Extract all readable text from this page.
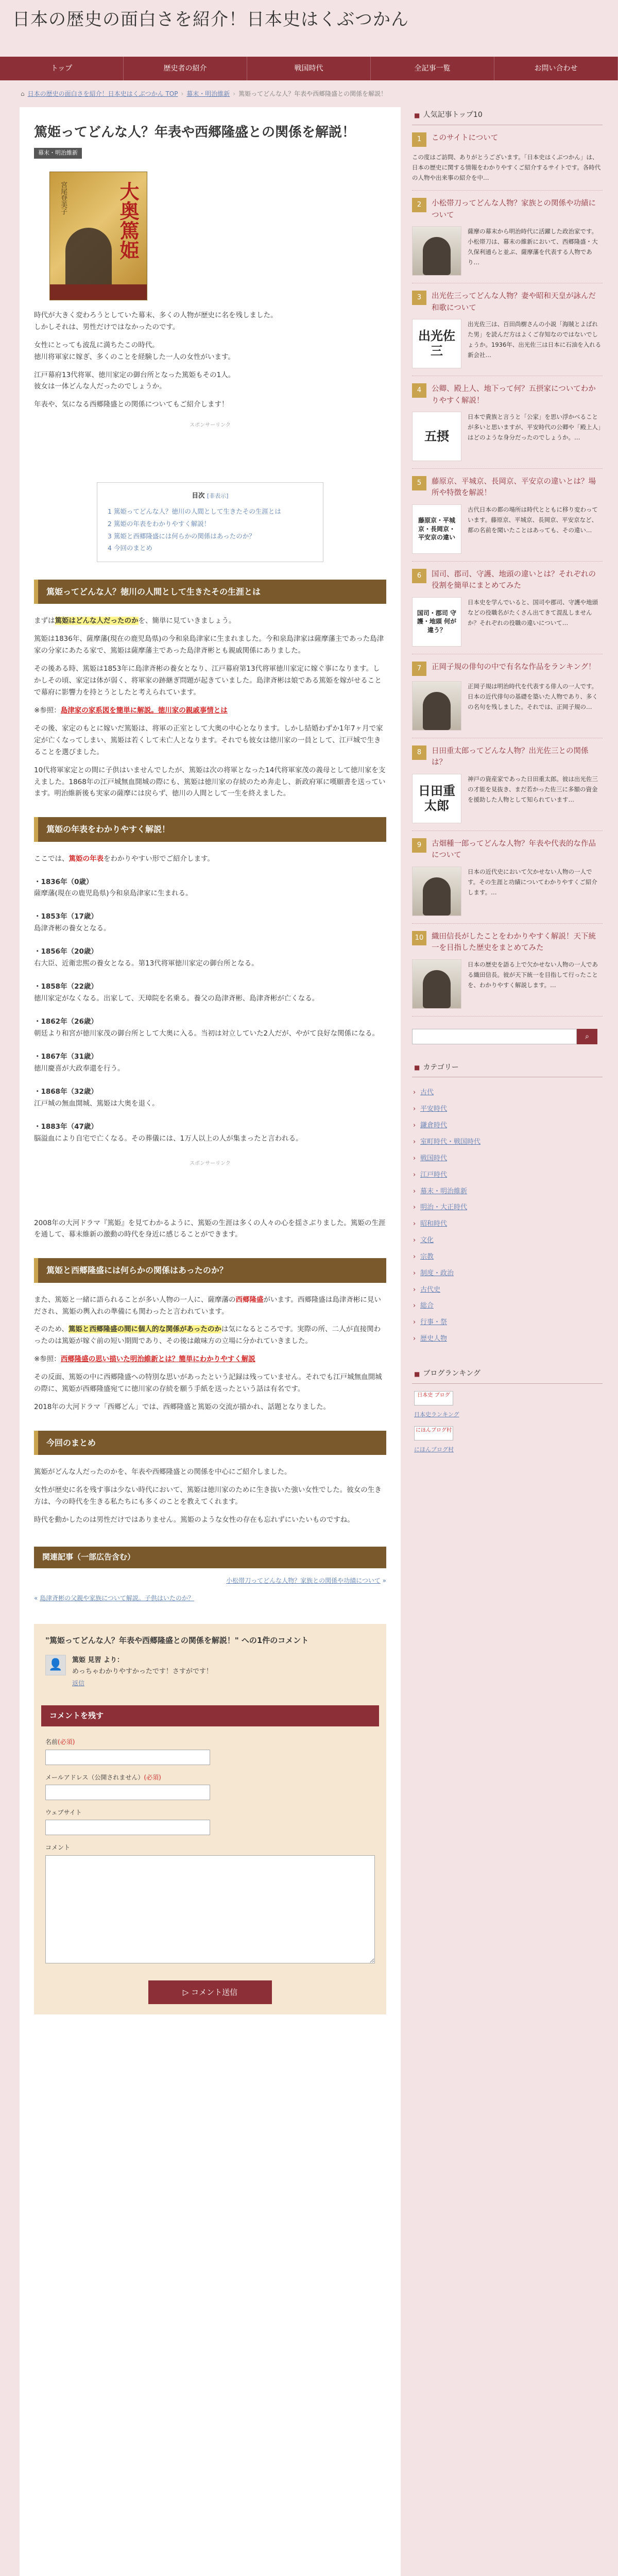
日本の歴史の面白さを紹介！日本史はくぶつかん
トップ	歴史者の紹介	戦国時代	全記事一覧	お問い合わせ
⌂ 日本の歴史の面白さを紹介！日本史はくぶつかん TOP › 幕末・明治維新 › 篤姫ってどんな人？年表や西郷隆盛との関係を解説！
篤姫ってどんな人？年表や西郷隆盛との関係を解説！
幕末・明治維新
大奥篤姫
宮尾登美子

時代が大きく変わろうとしていた幕末、多くの人物が歴史に名を残しました。
しかしそれは、男性だけではなかったのです。

女性にとっても波乱に満ちたこの時代。
徳川将軍家に嫁ぎ、多くのことを経験した一人の女性がいます。

江戸幕府13代将軍、徳川家定の御台所となった篤姫もその1人。
彼女は一体どんな人だったのでしょうか。

年表や、気になる西郷隆盛との関係についてもご紹介します！

スポンサーリンク
目次 [非表示]
1 篤姫ってどんな人？徳川の人間として生きたその生涯とは
2 篤姫の年表をわかりやすく解説！
3 篤姫と西郷隆盛には何らかの関係はあったのか？
4 今回のまとめ
篤姫ってどんな人？徳川の人間として生きたその生涯とは

まずは篤姫はどんな人だったのかを、簡単に見ていきましょう。

篤姫は1836年、薩摩藩(現在の鹿児島県)の今和泉島津家に生まれました。今和泉島津家は薩摩藩主であった島津家の分家にあたる家で、篤姫は薩摩藩主であった島津斉彬とも親戚関係にありました。

その後ある時、篤姫は1853年に島津斉彬の養女となり、江戸幕府第13代将軍徳川家定に嫁ぐ事になります。しかしその頃、家定は体が弱く、将軍家の跡継ぎ問題が起きていました。島津斉彬は娘である篤姫を嫁がせることで幕府に影響力を持とうとしたと考えられています。

※参照：島津家の家系図を簡単に解説。徳川家の親戚事情とは

その後、家定のもとに嫁いだ篤姫は、将軍の正室として大奥の中心となります。しかし結婚わずか1年7ヶ月で家定が亡くなってしまい、篤姫は若くして未亡人となります。それでも彼女は徳川家の一員として、江戸城で生きることを選びました。

10代将軍家定との間に子供はいませんでしたが、篤姫は次の将軍となった14代将軍家茂の義母として徳川家を支えました。1868年の江戸城無血開城の際にも、篤姫は徳川家の存続のため奔走し、新政府軍に嘆願書を送っています。明治維新後も実家の薩摩には戻らず、徳川の人間として一生を終えました。

篤姫の年表をわかりやすく解説！

ここでは、篤姫の年表をわかりやすい形でご紹介します。

・1836年（0歳）
薩摩藩(現在の鹿児島県)今和泉島津家に生まれる。
・1853年（17歳）
島津斉彬の養女となる。
・1856年（20歳）
右大臣、近衛忠煕の養女となる。第13代将軍徳川家定の御台所となる。
・1858年（22歳）
徳川家定がなくなる。出家して、天璋院を名乗る。養父の島津斉彬、島津斉彬が亡くなる。
・1862年（26歳）
朝廷より和宮が徳川家茂の御台所として大奥に入る。当初は対立していた2人だが、やがて良好な関係になる。
・1867年（31歳）
徳川慶喜が大政奉還を行う。
・1868年（32歳）
江戸城の無血開城、篤姫は大奥を退く。
・1883年（47歳）
脳溢血により自宅で亡くなる。その葬儀には、1万人以上の人が集まったと言われる。
スポンサーリンク

2008年の大河ドラマ『篤姫』を見てわかるように、篤姫の生涯は多くの人々の心を揺さぶりました。篤姫の生涯を通して、幕末維新の激動の時代を身近に感じることができます。

篤姫と西郷隆盛には何らかの関係はあったのか？

また、篤姫と一緒に語られることが多い人物の一人に、薩摩藩の西郷隆盛がいます。西郷隆盛は島津斉彬に見いだされ、篤姫の輿入れの準備にも関わったと言われています。

そのため、篤姫と西郷隆盛の間に個人的な関係があったのかは気になるところです。実際の所、二人が直接関わったのは篤姫が嫁ぐ前の短い期間であり、その後は敵味方の立場に分かれていきました。

※参照：西郷隆盛の思い描いた明治維新とは？簡単にわかりやすく解説

その反面、篤姫の中に西郷隆盛への特別な思いがあったという記録は残っていません。それでも江戸城無血開城の際に、篤姫が西郷隆盛宛てに徳川家の存続を願う手紙を送ったという話は有名です。

2018年の大河ドラマ「西郷どん」では、西郷隆盛と篤姫の交流が描かれ、話題となりました。

今回のまとめ

篤姫がどんな人だったのかを、年表や西郷隆盛との関係を中心にご紹介しました。

女性が歴史に名を残す事は少ない時代において、篤姫は徳川家のために生き抜いた強い女性でした。彼女の生き方は、今の時代を生きる私たちにも多くのことを教えてくれます。

時代を動かしたのは男性だけではありません。篤姫のような女性の存在も忘れずにいたいものですね。

関連記事（一部広告含む）
小松帯刀ってどんな人物？家族との関係や功績について »
« 島津斉彬の父親や家族について解説。子供はいたのか？
"篤姫ってどんな人？年表や西郷隆盛との関係を解説！" への1件のコメント
👤	篤姫 見習 より：
めっちゃわかりやすかったです！さすがです！
返信
コメントを残す
名前(必須)
メールアドレス（公開されません）(必須)
ウェブサイト
コメント
▷ コメント送信
■ 人気記事トップ10
1	このサイトについて
この度はご訪問、ありがとうございます。「日本史はくぶつかん」は、日本の歴史に関する情報をわかりやすくご紹介するサイトです。各時代の人物や出来事の紹介を中…
2	小松帯刀ってどんな人物？家族との関係や功績について
薩摩の幕末から明治時代に活躍した政治家です。小松帯刀は、幕末の維新において、西郷隆盛・大久保利通らと並ぶ、薩摩藩を代表する人物であり…
3	出光佐三ってどんな人物？妻や昭和天皇が詠んだ和歌について
出光佐三
出光佐三は、百田尚樹さんの小説「海賊とよばれた男」を読んだ方はよくご存知なのではないでしょうか。1936年、出光佐三は日本に石油を入れる新会社…
4	公卿、殿上人、地下って何？五摂家についてわかりやすく解説！
五摂
日本で貴族と言うと「公家」を思い浮かべることが多いと思いますが、平安時代の公卿や「殿上人」はどのような身分だったのでしょうか。…
5	藤原京、平城京、長岡京、平安京の違いとは？場所や特徴を解説！
藤原京・平城京・長岡京・平安京の違い
古代日本の都の場所は時代とともに移り変わっています。藤原京、平城京、長岡京、平安京など、都の名前を聞いたことはあっても、その違い…
6	国司、郡司、守護、地頭の違いとは？それぞれの役割を簡単にまとめてみた
国司・郡司 守護・地頭 何が違う？
日本史を学んでいると、国司や郡司、守護や地頭などの役職名がたくさん出てきて混乱しませんか？それぞれの役職の違いについて…
7	正岡子規の俳句の中で有名な作品をランキング！
正岡子規は明治時代を代表する俳人の一人です。日本の近代俳句の基礎を築いた人物であり、多くの名句を残しました。それでは、正岡子規の…
8	日田重太郎ってどんな人物？出光佐三との関係は？
日田重太郎
神戸の資産家であった日田重太郎。彼は出光佐三の才能を見抜き、まだ若かった佐三に多額の資金を援助した人物として知られています…
9	古畑種一郎ってどんな人物？年表や代表的な作品について
日本の近代史において欠かせない人物の一人です。その生涯と功績についてわかりやすくご紹介します。…
10	織田信長がしたことをわかりやすく解説！天下統一を目指した歴史をまとめてみた
日本の歴史を語る上で欠かせない人物の一人である織田信長。彼が天下統一を目指して行ったことを、わかりやすく解説します。…
⌕
■ カテゴリー
› 古代
› 平安時代
› 鎌倉時代
› 室町時代・戦国時代
› 戦国時代
› 江戸時代
› 幕末・明治維新
› 明治・大正時代
› 昭和時代
› 文化
› 宗教
› 制度・政治
› 古代史
› 総合
› 行事・祭
› 歴史人物
■ ブログランキング
日本史 ブログ
日本史ランキング
にほんブログ村
にほんブログ村
